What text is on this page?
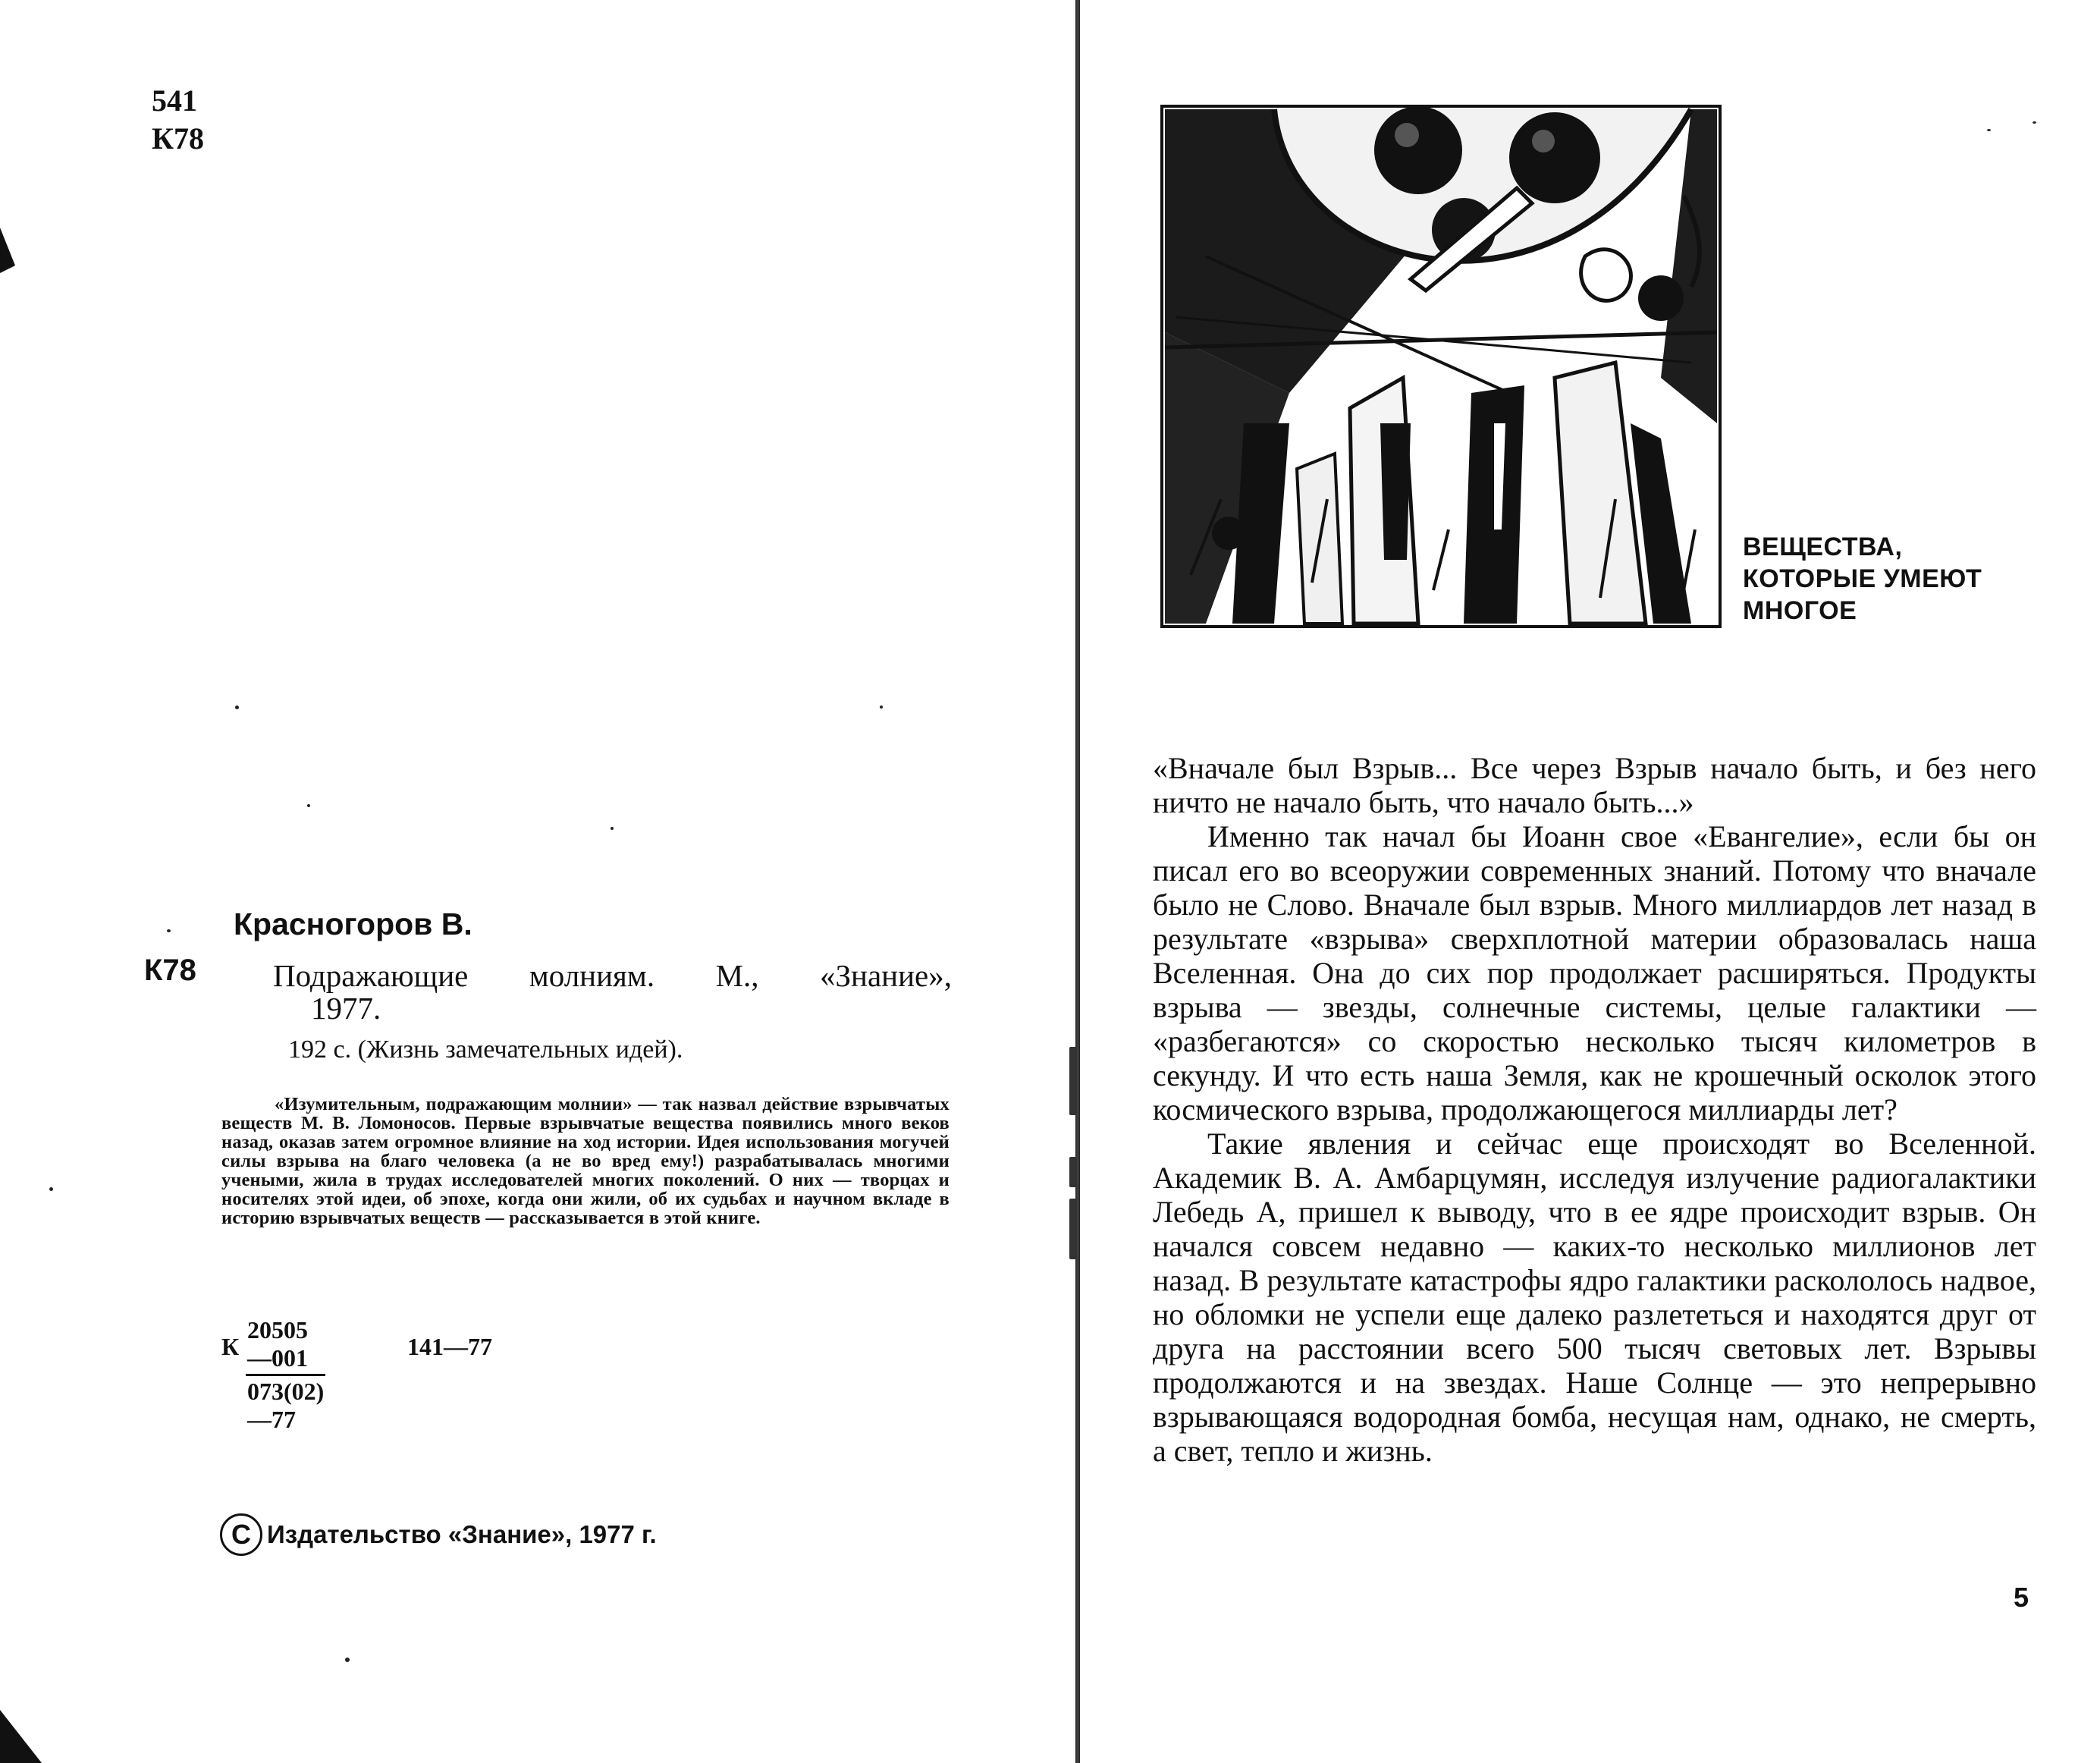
541
К78
Красногоров В.
К78 Подражающие молниям. М., «Знание»,
1977.
192 с. (Жизнь замечательных идей).
«Изумительным, подражающим молнии» — так назвал действие взрывчатых веществ М. В. Ломоносов. Первые взрывчатые вещества появились много веков назад, оказав затем огромное влияние на ход истории. Идея использования могучей силы взрыва на благо человека (а не во вред ему!) разрабатывалась многими учеными, жила в трудах исследователей многих поколений. О них — творцах и носителях этой идеи, об эпохе, когда они жили, об их судьбах и научном вкладе в историю взрывчатых веществ — рассказывается в этой книге.
К $\frac{20505—001}{073(02)—77}$	141—77
C Издательство «Знание», 1977 г.
ВЕЩЕСТВА,
КОТОРЫЕ УМЕЮТ
МНОГОЕ

«Вначале был Взрыв... Все через Взрыв начало быть, и без него ничто не начало быть, что начало быть...»

Именно так начал бы Иоанн свое «Евангелие», если бы он писал его во всеоружии современных знаний. Потому что вначале было не Слово. Вначале был взрыв. Много миллиардов лет назад в результате «взрыва» сверхплотной материи образовалась наша Вселенная. Она до сих пор продолжает расширяться. Продукты взрыва — звезды, солнечные системы, целые галактики — «разбегаются» со скоростью несколько тысяч километров в секунду. И что есть наша Земля, как не крошечный осколок этого космического взрыва, продолжающегося миллиарды лет?

Такие явления и сейчас еще происходят во Вселенной. Академик В. А. Амбарцумян, исследуя излучение радиогалактики Лебедь А, пришел к выводу, что в ее ядре происходит взрыв. Он начался совсем недавно — каких-то несколько миллионов лет назад. В результате катастрофы ядро галактики раскололось надвое, но обломки не успели еще далеко разлететься и находятся друг от друга на расстоянии всего 500 тысяч световых лет. Взрывы продолжаются и на звездах. Наше Солнце — это непрерывно взрывающаяся водородная бомба, несущая нам, однако, не смерть, а свет, тепло и жизнь.

5
